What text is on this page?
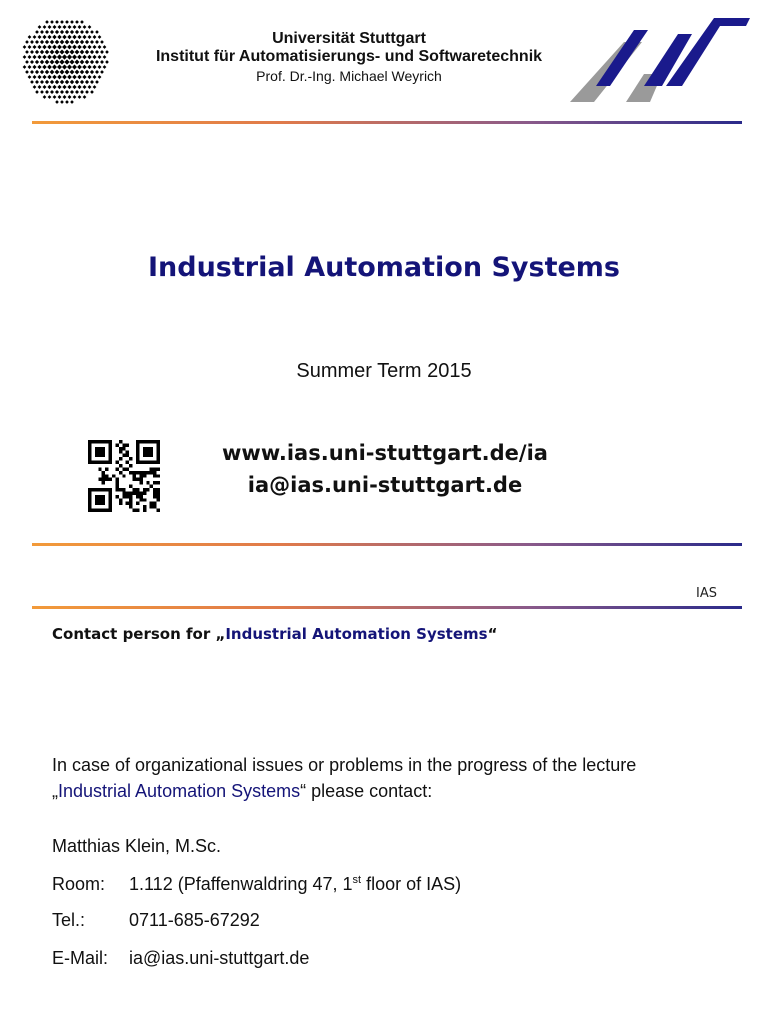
Universität Stuttgart
Institut für Automatisierungs- und Softwaretechnik
Prof. Dr.-Ing. Michael Weyrich
Industrial Automation Systems
Summer Term 2015
www.ias.uni-stuttgart.de/ia
ia@ias.uni-stuttgart.de
IAS
Contact person for „Industrial Automation Systems“
In case of organizational issues or problems in the progress of the lecture
„Industrial Automation Systems“ please contact:
Matthias Klein, M.Sc.
Room: 1.112 (Pfaffenwaldring 47, 1st floor of IAS)
Tel.: 0711-685-67292
E-Mail: ia@ias.uni-stuttgart.de
